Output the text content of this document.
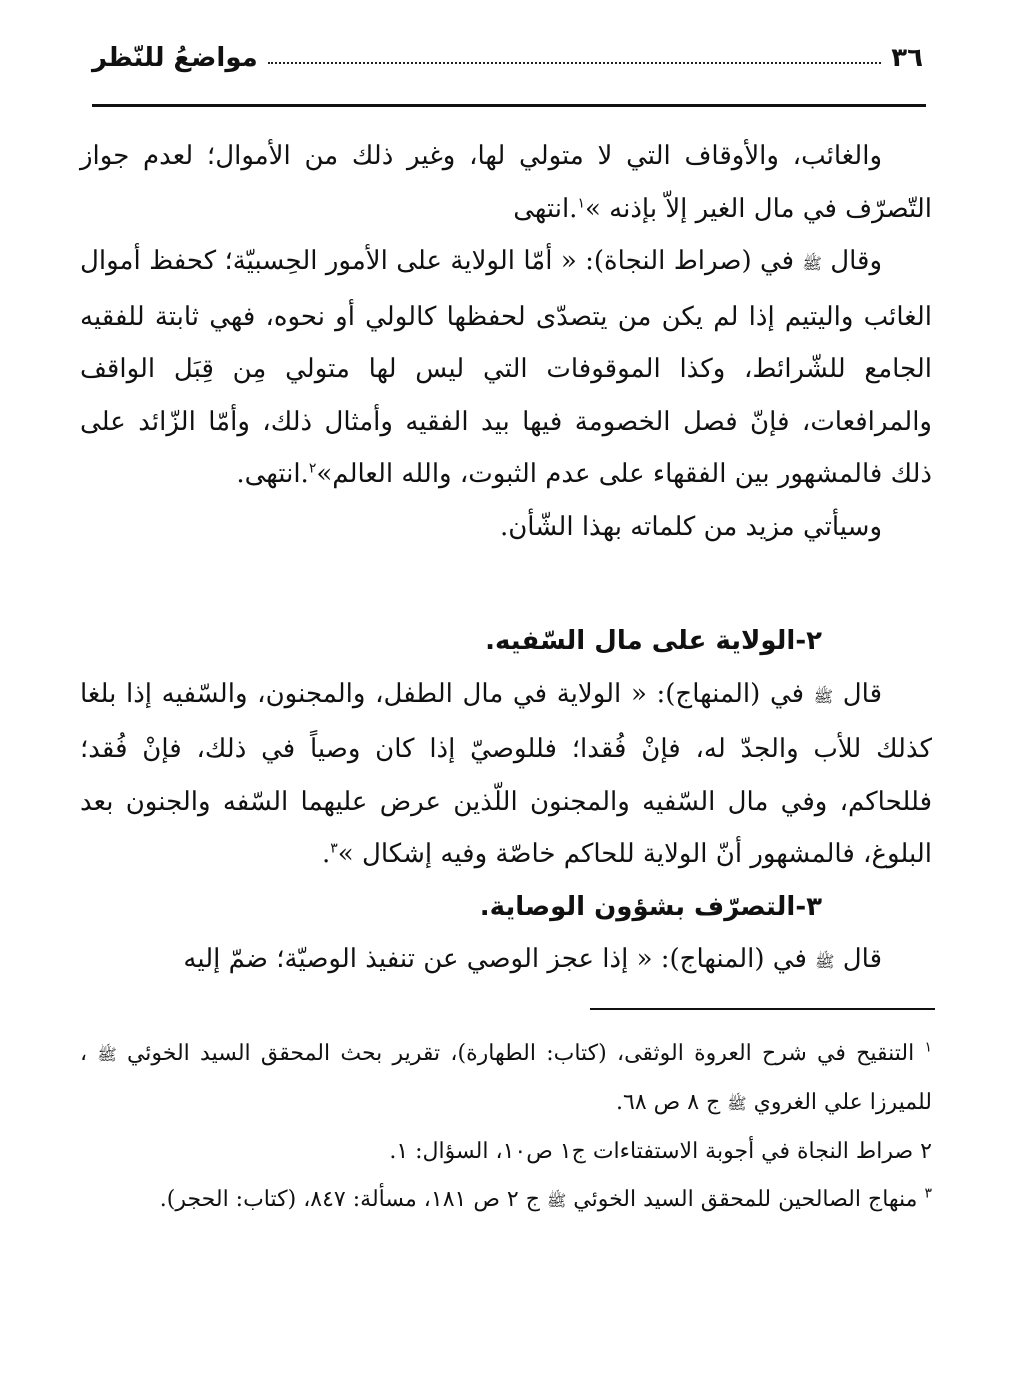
٣٦
مواضعُ للنّظر

والغائب، والأوقاف التي لا متولي لها، وغير ذلك من الأموال؛ لعدم جواز التّصرّف في مال الغير إلاّ بإذنه »$^١$.انتهى

وقال ﷺ في (صراط النجاة): « أمّا الولاية على الأمور الحِسبيّة؛ كحفظ أموال الغائب واليتيم إذا لم يكن من يتصدّى لحفظها كالولي أو نحوه، فهي ثابتة للفقيه الجامع للشّرائط، وكذا الموقوفات التي ليس لها متولي مِن قِبَل الواقف والمرافعات، فإنّ فصل الخصومة فيها بيد الفقيه وأمثال ذلك، وأمّا الزّائد على ذلك فالمشهور بين الفقهاء على عدم الثبوت، والله العالم»$^٢$.انتهى.

وسيأتي مزيد من كلماته بهذا الشّأن.

٢-الولاية على مال السّفيه.

قال ﷺ في (المنهاج): « الولاية في مال الطفل، والمجنون، والسّفيه إذا بلغا كذلك للأب والجدّ له، فإنْ فُقدا؛ فللوصيّ إذا كان وصياً في ذلك، فإنْ فُقد؛ فللحاكم، وفي مال السّفيه والمجنون اللّذين عرض عليهما السّفه والجنون بعد البلوغ، فالمشهور أنّ الولاية للحاكم خاصّة وفيه إشكال »$^٣$.

٣-التصرّف بشؤون الوصاية.

قال ﷺ في (المنهاج): « إذا عجز الوصي عن تنفيذ الوصيّة؛ ضمّ إليه

$^١$ التنقيح في شرح العروة الوثقى، (كتاب: الطهارة)، تقرير بحث المحقق السيد الخوئي ﷺ ، للميرزا علي الغروي ﷺ ج ٨ ص ٦٨.

٢ صراط النجاة في أجوبة الاستفتاءات ج١ ص١٠، السؤال: ١.

$^٣$ منهاج الصالحين للمحقق السيد الخوئي ﷺ ج ٢ ص ١٨١، مسألة: ٨٤٧، (كتاب: الحجر).
